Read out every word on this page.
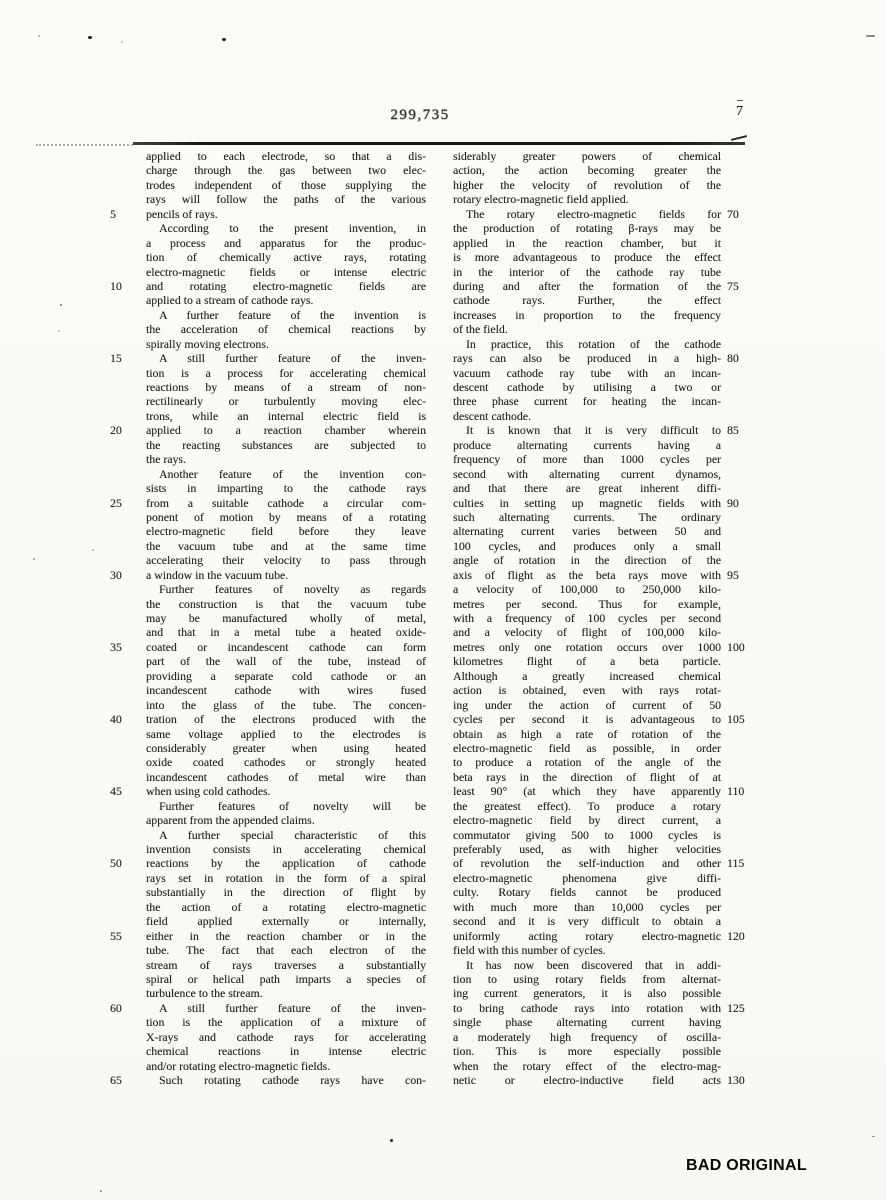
299,735	7
applied to each electrode, so that a dis-
charge through the gas between two elec-
trodes independent of those supplying the
rays will follow the paths of the various
5	pencils of rays.
According to the present invention, in
a process and apparatus for the produc-
tion of chemically active rays, rotating
electro-magnetic fields or intense electric
10	and rotating electro-magnetic fields are
applied to a stream of cathode rays.
A further feature of the invention is
the acceleration of chemical reactions by
spirally moving electrons.
15	A still further feature of the inven-
tion is a process for accelerating chemical
reactions by means of a stream of non-
rectilinearly or turbulently moving elec-
trons, while an internal electric field is
20	applied to a reaction chamber wherein
the reacting substances are subjected to
the rays.
Another feature of the invention con-
sists in imparting to the cathode rays
25	from a suitable cathode a circular com-
ponent of motion by means of a rotating
electro-magnetic field before they leave
the vacuum tube and at the same time
accelerating their velocity to pass through
30	a window in the vacuum tube.
Further features of novelty as regards
the construction is that the vacuum tube
may be manufactured wholly of metal,
and that in a metal tube a heated oxide-
35	coated or incandescent cathode can form
part of the wall of the tube, instead of
providing a separate cold cathode or an
incandescent cathode with wires fused
into the glass of the tube. The concen-
40	tration of the electrons produced with the
same voltage applied to the electrodes is
considerably greater when using heated
oxide coated cathodes or strongly heated
incandescent cathodes of metal wire than
45	when using cold cathodes.
Further features of novelty will be
apparent from the appended claims.
A further special characteristic of this
invention consists in accelerating chemical
50	reactions by the application of cathode
rays set in rotation in the form of a spiral
substantially in the direction of flight by
the action of a rotating electro-magnetic
field applied externally or internally,
55	either in the reaction chamber or in the
tube. The fact that each electron of the
stream of rays traverses a substantially
spiral or helical path imparts a species of
turbulence to the stream.
60	A still further feature of the inven-
tion is the application of a mixture of
X-rays and cathode rays for accelerating
chemical reactions in intense electric
and/or rotating electro-magnetic fields.
65	Such rotating cathode rays have con-
siderably greater powers of chemical
action, the action becoming greater the
higher the velocity of revolution of the
rotary electro-magnetic field applied.
70
The rotary electro-magnetic fields for
the production of rotating β-rays may be
applied in the reaction chamber, but it
is more advantageous to produce the effect
in the interior of the cathode ray tube
75
during and after the formation of the
cathode rays. Further, the effect
increases in proportion to the frequency
of the field.
In practice, this rotation of the cathode
80
rays can also be produced in a high-
vacuum cathode ray tube with an incan-
descent cathode by utilising a two or
three phase current for heating the incan-
descent cathode.
85
It is known that it is very difficult to
produce alternating currents having a
frequency of more than 1000 cycles per
second with alternating current dynamos,
and that there are great inherent diffi-
90
culties in setting up magnetic fields with
such alternating currents. The ordinary
alternating current varies between 50 and
100 cycles, and produces only a small
angle of rotation in the direction of the
95
axis of flight as the beta rays move with
a velocity of 100,000 to 250,000 kilo-
metres per second. Thus for example,
with a frequency of 100 cycles per second
and a velocity of flight of 100,000 kilo-
100
metres only one rotation occurs over 1000
kilometres flight of a beta particle.
Although a greatly increased chemical
action is obtained, even with rays rotat-
ing under the action of current of 50
105
cycles per second it is advantageous to
obtain as high a rate of rotation of the
electro-magnetic field as possible, in order
to produce a rotation of the angle of the
beta rays in the direction of flight of at
110
least 90° (at which they have apparently
the greatest effect). To produce a rotary
electro-magnetic field by direct current, a
commutator giving 500 to 1000 cycles is
preferably used, as with higher velocities
115
of revolution the self-induction and other
electro-magnetic phenomena give diffi-
culty. Rotary fields cannot be produced
with much more than 10,000 cycles per
second and it is very difficult to obtain a
120
uniformly acting rotary electro-magnetic
field with this number of cycles.
It has now been discovered that in addi-
tion to using rotary fields from alternat-
ing current generators, it is also possible
125
to bring cathode rays into rotation with
single phase alternating current having
a moderately high frequency of oscilla-
tion. This is more especially possible
when the rotary effect of the electro-mag-
130
netic or electro-inductive field acts
BAD ORIGINAL
